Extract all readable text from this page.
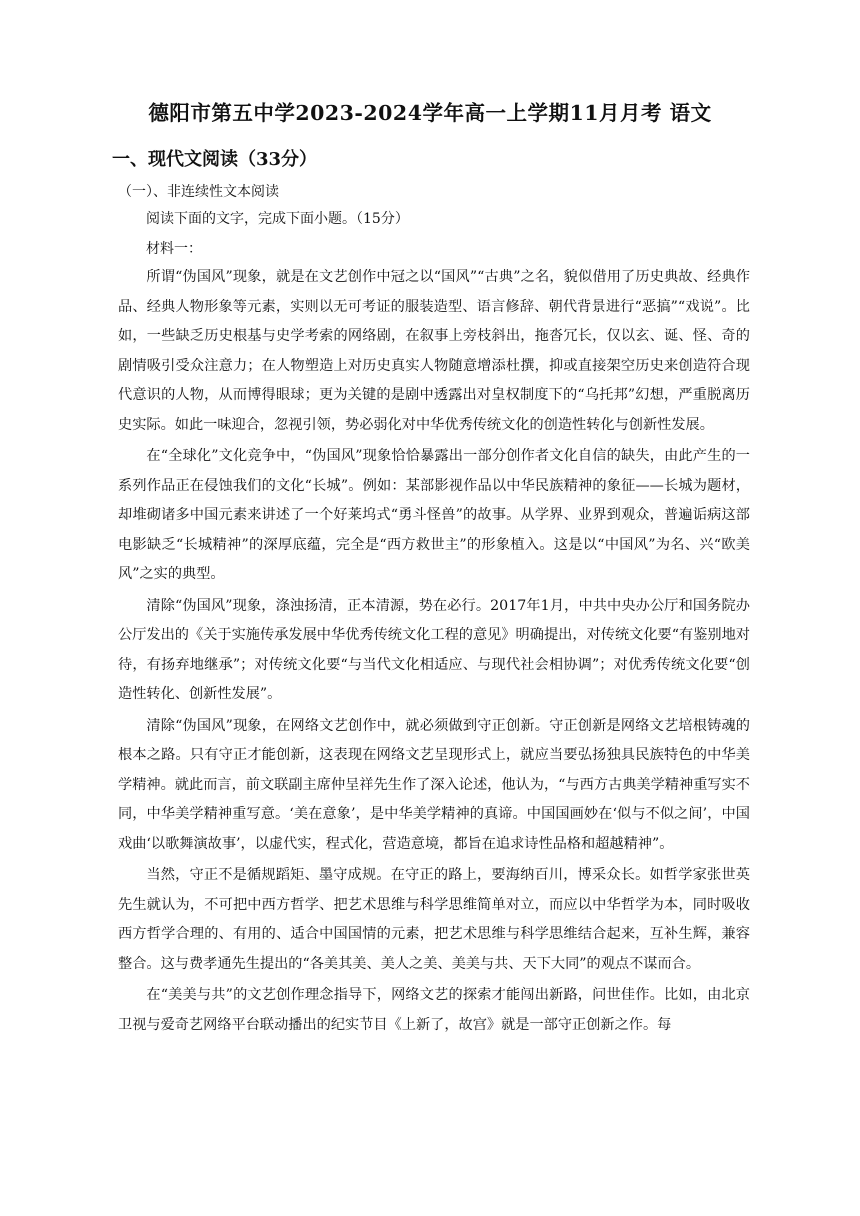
德阳市第五中学2023-2024学年高一上学期11月月考 语文
一、现代文阅读（33分）
（一）、非连续性文本阅读
阅读下面的文字，完成下面小题。（15分）
材料一：

所谓“伪国风”现象，就是在文艺创作中冠之以“国风”“古典”之名，貌似借用了历史典故、经典作品、经典人物形象等元素，实则以无可考证的服装造型、语言修辞、朝代背景进行“恶搞”“戏说”。比如，一些缺乏历史根基与史学考索的网络剧，在叙事上旁枝斜出，拖沓冗长，仅以玄、诞、怪、奇的剧情吸引受众注意力；在人物塑造上对历史真实人物随意增添杜撰，抑或直接架空历史来创造符合现代意识的人物，从而博得眼球；更为关键的是剧中透露出对皇权制度下的“乌托邦”幻想，严重脱离历史实际。如此一味迎合，忽视引领，势必弱化对中华优秀传统文化的创造性转化与创新性发展。

在“全球化”文化竞争中，“伪国风”现象恰恰暴露出一部分创作者文化自信的缺失，由此产生的一系列作品正在侵蚀我们的文化“长城”。例如：某部影视作品以中华民族精神的象征——长城为题材，却堆砌诸多中国元素来讲述了一个好莱坞式“勇斗怪兽”的故事。从学界、业界到观众，普遍诟病这部电影缺乏“长城精神”的深厚底蕴，完全是“西方救世主”的形象植入。这是以“中国风”为名、兴“欧美风”之实的典型。

清除“伪国风”现象，涤浊扬清，正本清源，势在必行。2017年1月，中共中央办公厅和国务院办公厅发出的《关于实施传承发展中华优秀传统文化工程的意见》明确提出，对传统文化要“有鉴别地对待，有扬弃地继承”；对传统文化要“与当代文化相适应、与现代社会相协调”；对优秀传统文化要“创造性转化、创新性发展”。

清除“伪国风”现象，在网络文艺创作中，就必须做到守正创新。守正创新是网络文艺培根铸魂的根本之路。只有守正才能创新，这表现在网络文艺呈现形式上，就应当要弘扬独具民族特色的中华美学精神。就此而言，前文联副主席仲呈祥先生作了深入论述，他认为，“与西方古典美学精神重写实不同，中华美学精神重写意。‘美在意象’，是中华美学精神的真谛。中国国画妙在‘似与不似之间’，中国戏曲‘以歌舞演故事’，以虚代实，程式化，营造意境，都旨在追求诗性品格和超越精神”。

当然，守正不是循规蹈矩、墨守成规。在守正的路上，要海纳百川，博采众长。如哲学家张世英先生就认为，不可把中西方哲学、把艺术思维与科学思维简单对立，而应以中华哲学为本，同时吸收西方哲学合理的、有用的、适合中国国情的元素，把艺术思维与科学思维结合起来，互补生辉，兼容整合。这与费孝通先生提出的“各美其美、美人之美、美美与共、天下大同”的观点不谋而合。

在“美美与共”的文艺创作理念指导下，网络文艺的探索才能闯出新路，问世佳作。比如，由北京卫视与爱奇艺网络平台联动播出的纪实节目《上新了，故宫》就是一部守正创新之作。每
